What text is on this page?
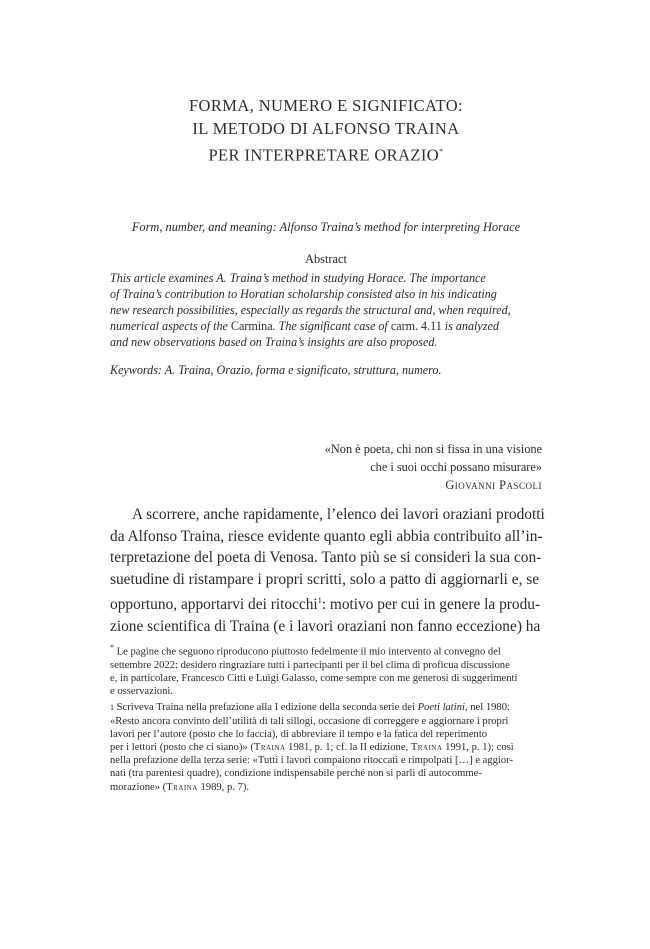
FORMA, NUMERO E SIGNIFICATO:
IL METODO DI ALFONSO TRAINA
PER INTERPRETARE ORAZIO*
Form, number, and meaning: Alfonso Traina’s method for interpreting Horace
Abstract
This article examines A. Traina’s method in studying Horace. The importance
of Traina’s contribution to Horatian scholarship consisted also in his indicating
new research possibilities, especially as regards the structural and, when required,
numerical aspects of the Carmina. The significant case of carm. 4.11 is analyzed
and new observations based on Traina’s insights are also proposed.
Keywords: A. Traina, Orazio, forma e significato, struttura, numero.
«Non è poeta, chi non si fissa in una visione
che i suoi occhi possano misurare»
Giovanni Pascoli
A scorrere, anche rapidamente, l’elenco dei lavori oraziani prodotti
da Alfonso Traina, riesce evidente quanto egli abbia contribuito all’in-
terpretazione del poeta di Venosa. Tanto più se si consideri la sua con-
suetudine di ristampare i propri scritti, solo a patto di aggiornarli e, se
opportuno, apportarvi dei ritocchi$^1$: motivo per cui in genere la produ-
zione scientifica di Traina (e i lavori oraziani non fanno eccezione) ha
* Le pagine che seguono riproducono piuttosto fedelmente il mio intervento al convegno del
settembre 2022: desidero ringraziare tutti i partecipanti per il bel clima di proficua discussione
e, in particolare, Francesco Citti e Luigi Galasso, come sempre con me generosi di suggerimenti
e osservazioni.
1 Scriveva Traina nella prefazione alla I edizione della seconda serie dei Poeti latini, nel 1980:
«Resto ancora convinto dell’utilità di tali sillogi, occasione di correggere e aggiornare i propri
lavori per l’autore (posto che lo faccia), di abbreviare il tempo e la fatica del reperimento
per i lettori (posto che ci siano)» (Traina 1981, p. 1; cf. la II edizione, Traina 1991, p. 1); così
nella prefazione della terza serie: «Tutti i lavori compaiono ritoccati e rimpolpati […] e aggior-
nati (tra parentesi quadre), condizione indispensabile perché non si parli di autocomme-
morazione» (Traina 1989, p. 7).
